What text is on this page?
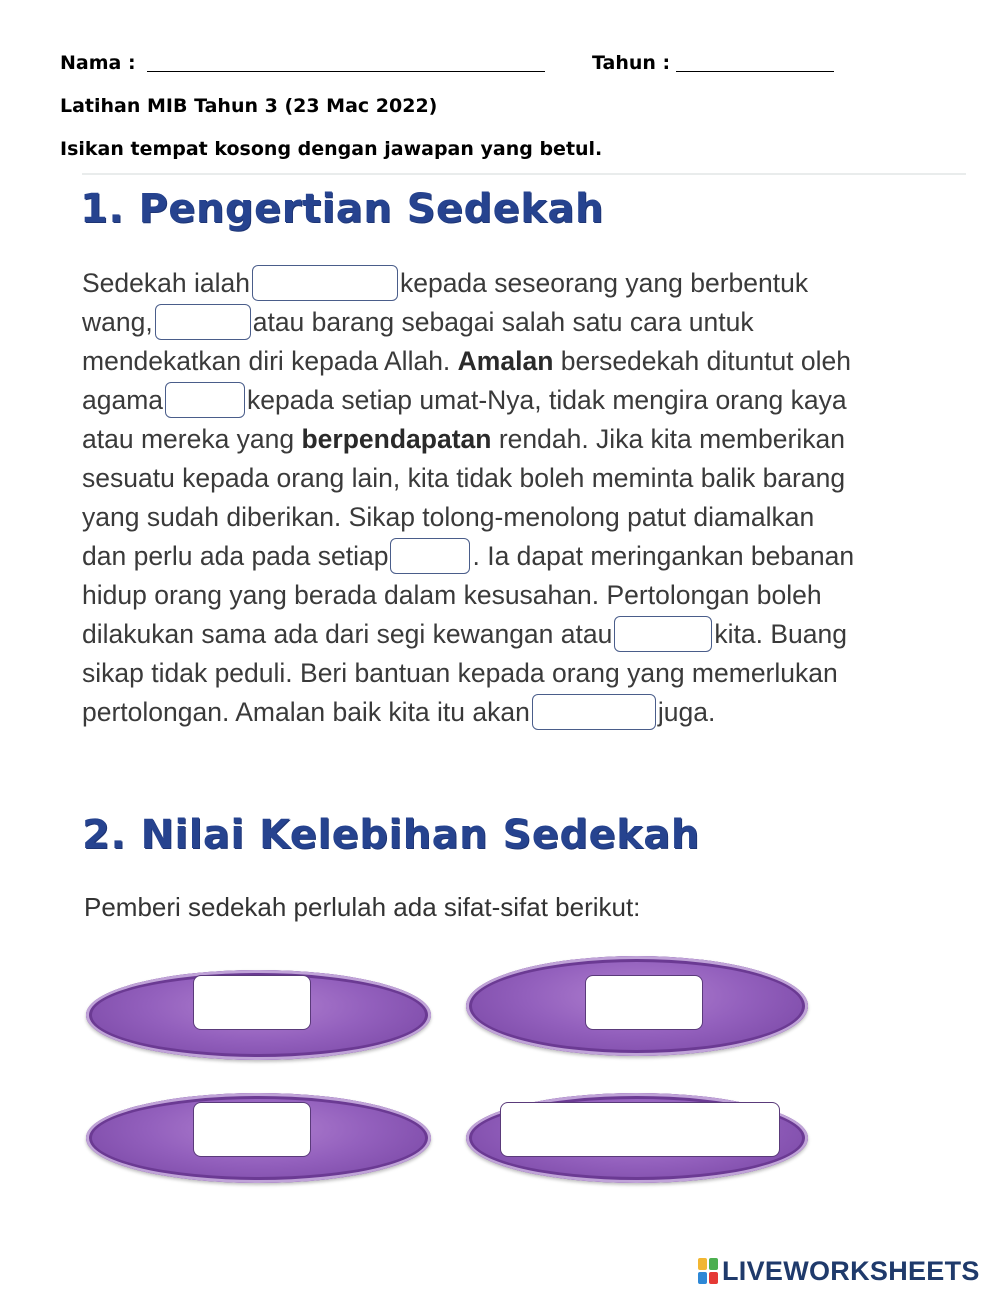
Nama :	Tahun :
Latihan MIB Tahun 3 (23 Mac 2022)
Isikan tempat kosong dengan jawapan yang betul.
1. Pengertian Sedekah
Sedekah ialah	kepada seseorang yang berbentuk
wang,	atau barang sebagai salah satu cara untuk
mendekatkan diri kepada Allah. Amalan bersedekah dituntut oleh
agama	kepada setiap umat-Nya, tidak mengira orang kaya
atau mereka yang berpendapatan rendah. Jika kita memberikan
sesuatu kepada orang lain, kita tidak boleh meminta balik barang
yang sudah diberikan. Sikap tolong-menolong patut diamalkan
dan perlu ada pada setiap	. Ia dapat meringankan bebanan
hidup orang yang berada dalam kesusahan. Pertolongan boleh
dilakukan sama ada dari segi kewangan atau	kita. Buang
sikap tidak peduli. Beri bantuan kepada orang yang memerlukan
pertolongan. Amalan baik kita itu akan	juga.
2. Nilai Kelebihan Sedekah
Pemberi sedekah perlulah ada sifat-sifat berikut:
LIVEWORKSHEETS
